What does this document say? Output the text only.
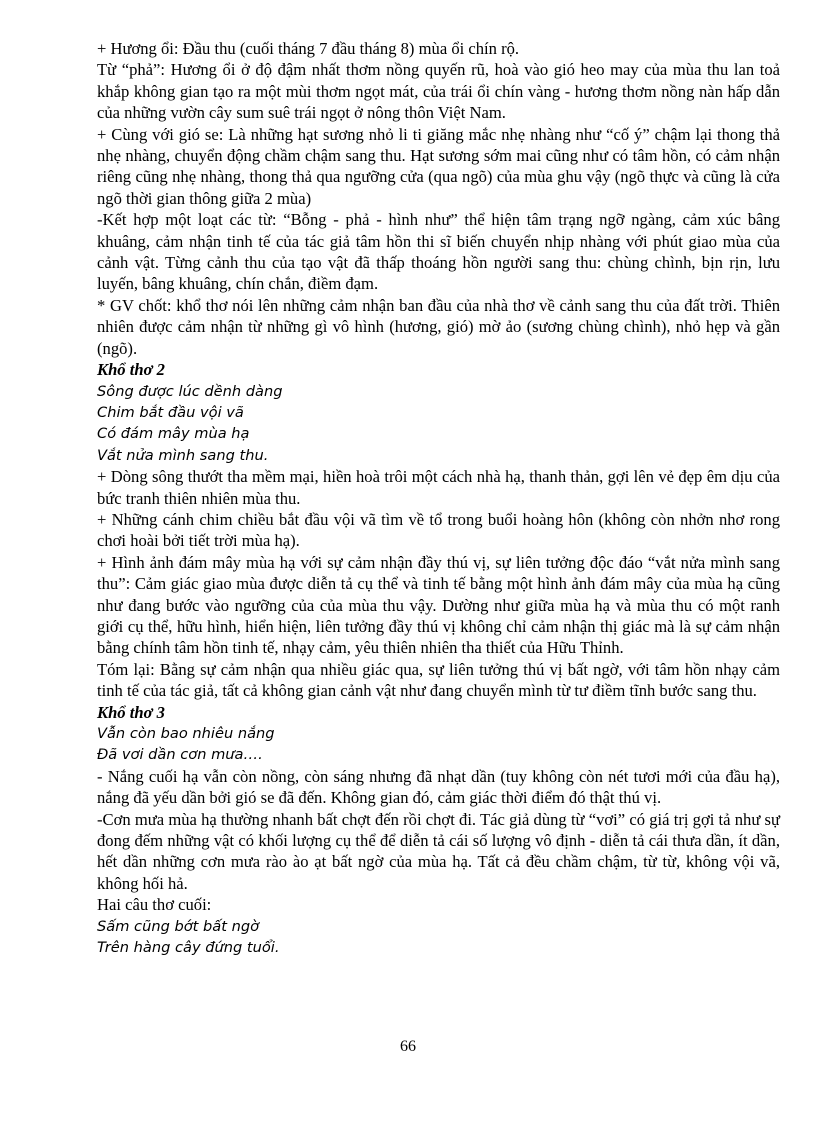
+ Hương ổi: Đầu thu (cuối tháng 7 đầu tháng 8) mùa ổi chín rộ.

Từ “phả”: Hương ổi ở độ đậm nhất thơm nồng quyến rũ, hoà vào gió heo may của mùa thu lan toả khắp không gian tạo ra một mùi thơm ngọt mát, của trái ổi chín vàng - hương thơm nồng nàn hấp dẫn của những vườn cây sum suê trái ngọt ở nông thôn Việt Nam.

+ Cùng với gió se: Là những hạt sương nhỏ li ti giăng mắc nhẹ nhàng như “cố ý” chậm lại thong thả nhẹ nhàng, chuyển động chầm chậm sang thu. Hạt sương sớm mai cũng như có tâm hồn, có cảm nhận riêng cũng nhẹ nhàng, thong thả qua ngưỡng cửa (qua ngõ) của mùa ghu vậy (ngõ thực và cũng là cửa ngõ thời gian thông giữa 2 mùa)

-Kết hợp một loạt các từ: “Bỗng - phả - hình như” thể hiện tâm trạng ngỡ ngàng, cảm xúc bâng khuâng, cảm nhận tinh tế của tác giả tâm hồn thi sĩ biến chuyển nhịp nhàng với phút giao mùa của cảnh vật. Từng cảnh thu của tạo vật đã thấp thoáng hồn người sang thu: chùng chình, bịn rịn, lưu luyến, bâng khuâng, chín chắn, điềm đạm.

* GV chốt: khổ thơ nói lên những cảm nhận ban đầu của nhà thơ về cảnh sang thu của đất trời. Thiên nhiên được cảm nhận từ những gì vô hình (hương, gió) mờ ảo (sương chùng chình), nhỏ hẹp và gần (ngõ).

Khổ thơ 2

Sông được lúc dềnh dàng

Chim bắt đầu vội vã

Có đám mây mùa hạ

Vắt nửa mình sang thu.

+ Dòng sông thướt tha mềm mại, hiền hoà trôi một cách nhà hạ, thanh thản, gợi lên vẻ đẹp êm dịu của bức tranh thiên nhiên mùa thu.

+ Những cánh chim chiều bắt đầu vội vã tìm về tổ trong buổi hoàng hôn (không còn nhởn nhơ rong chơi hoài bởi tiết trời mùa hạ).

+ Hình ảnh đám mây mùa hạ với sự cảm nhận đầy thú vị, sự liên tưởng độc đáo “vắt nửa mình sang thu”: Cảm giác giao mùa được diễn tả cụ thể và tinh tế bằng một hình ảnh đám mây của mùa hạ cũng như đang bước vào ngưỡng của của mùa thu vậy. Dường như giữa mùa hạ và mùa thu có một ranh giới cụ thể, hữu hình, hiển hiện, liên tưởng đầy thú vị không chỉ cảm nhận thị giác mà là sự cảm nhận bằng chính tâm hồn tinh tế, nhạy cảm, yêu thiên nhiên tha thiết của Hữu Thỉnh.

Tóm lại: Bằng sự cảm nhận qua nhiều giác qua, sự liên tưởng thú vị bất ngờ, với tâm hồn nhạy cảm tinh tế của tác giả, tất cả không gian cảnh vật như đang chuyển mình từ tư điềm tĩnh bước sang thu.

Khổ thơ 3

Vẫn còn bao nhiêu nắng

Đã vơi dần cơn mưa….

- Nắng cuối hạ vẫn còn nồng, còn sáng nhưng đã nhạt dần (tuy không còn nét tươi mới của đầu hạ), nắng đã yếu dần bởi gió se đã đến. Không gian đó, cảm giác thời điểm đó thật thú vị.

-Cơn mưa mùa hạ thường nhanh bất chợt đến rồi chợt đi. Tác giả dùng từ “vơi” có giá trị gợi tả như sự đong đếm những vật có khối lượng cụ thể để diễn tả cái số lượng vô định - diễn tả cái thưa dần, ít dần, hết dần những cơn mưa rào ào ạt bất ngờ của mùa hạ. Tất cả đều chầm chậm, từ từ, không vội vã, không hối hả.

Hai câu thơ cuối:

Sấm cũng bớt bất ngờ

Trên hàng cây đứng tuổi.

66
